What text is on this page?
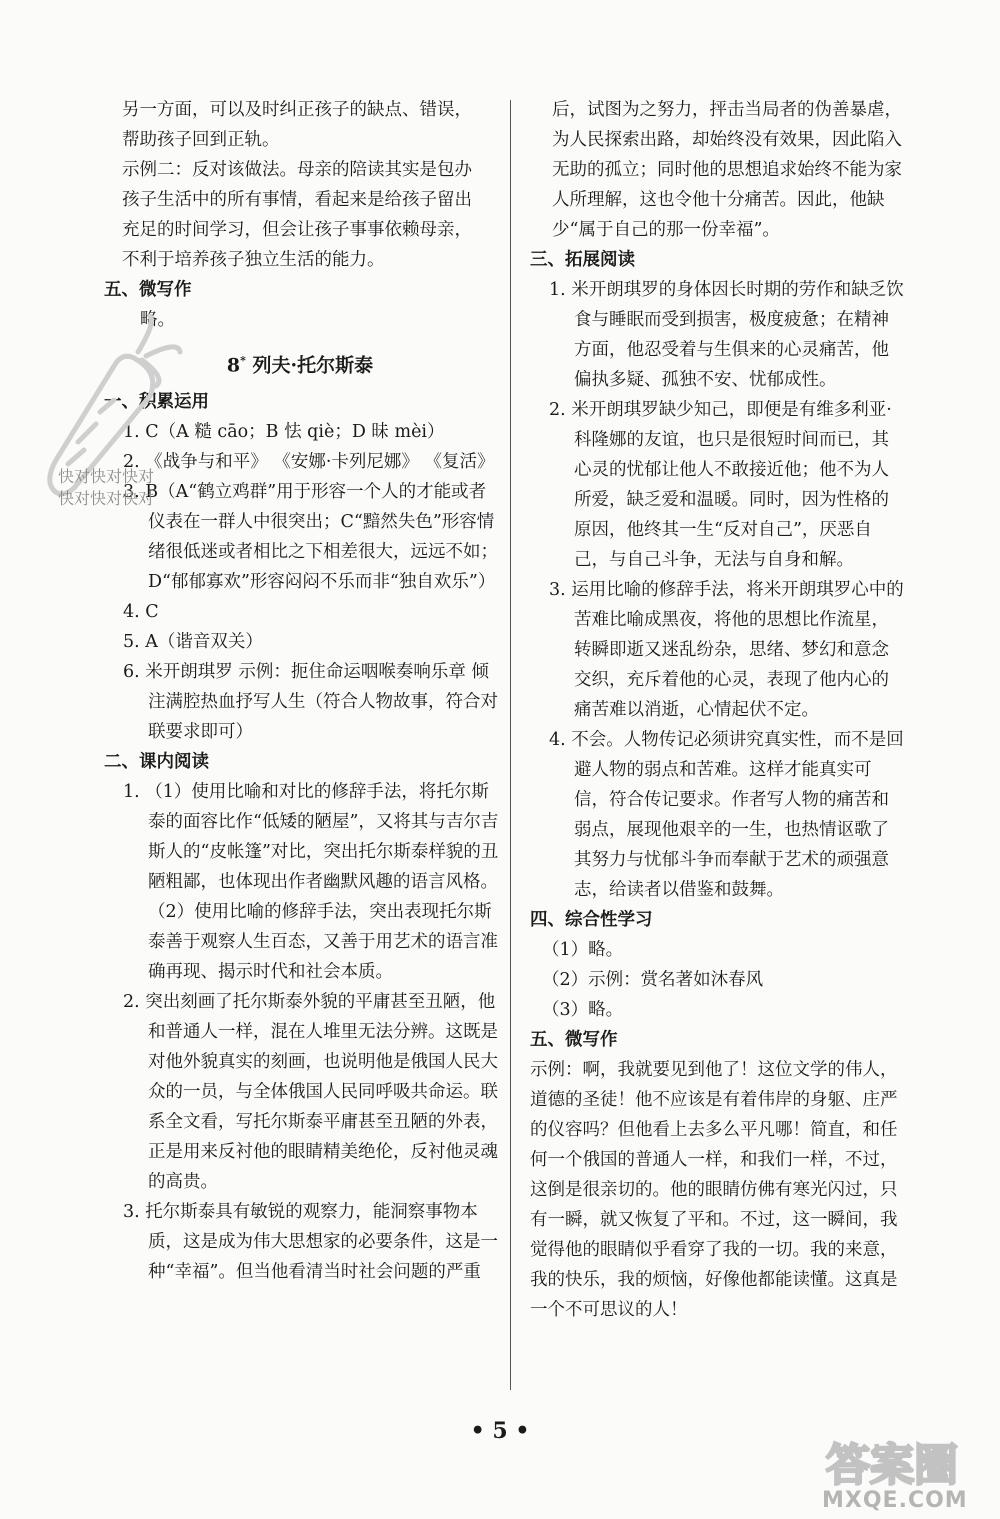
另一方面，可以及时纠正孩子的缺点、错误，

帮助孩子回到正轨。

示例二：反对该做法。母亲的陪读其实是包办

孩子生活中的所有事情，看起来是给孩子留出

充足的时间学习，但会让孩子事事依赖母亲，

不利于培养孩子独立生活的能力。

五、微写作

略。

8* 列夫·托尔斯泰

一、积累运用

1. C（A 糙 cāo；B 怯 qiè；D 昧 mèi）

2. 《战争与和平》 《安娜·卡列尼娜》 《复活》

3. B（A“鹤立鸡群”用于形容一个人的才能或者仪表在一群人中很突出；C“黯然失色”形容情绪很低迷或者相比之下相差很大，远远不如；D“郁郁寡欢”形容闷闷不乐而非“独自欢乐”）

4. C

5. A（谐音双关）

6. 米开朗琪罗 示例：扼住命运咽喉奏响乐章 倾注满腔热血抒写人生（符合人物故事，符合对联要求即可）

二、课内阅读

1. （1）使用比喻和对比的修辞手法，将托尔斯泰的面容比作“低矮的陋屋”，又将其与吉尔吉斯人的“皮帐篷”对比，突出托尔斯泰样貌的丑陋粗鄙，也体现出作者幽默风趣的语言风格。

（2）使用比喻的修辞手法，突出表现托尔斯泰善于观察人生百态，又善于用艺术的语言准确再现、揭示时代和社会本质。

2. 突出刻画了托尔斯泰外貌的平庸甚至丑陋，他和普通人一样，混在人堆里无法分辨。这既是对他外貌真实的刻画，也说明他是俄国人民大众的一员，与全体俄国人民同呼吸共命运。联系全文看，写托尔斯泰平庸甚至丑陋的外表，正是用来反衬他的眼睛精美绝伦，反衬他灵魂的高贵。

3. 托尔斯泰具有敏锐的观察力，能洞察事物本质，这是成为伟大思想家的必要条件，这是一种“幸福”。但当他看清当时社会问题的严重

后，试图为之努力，抨击当局者的伪善暴虐，为人民探索出路，却始终没有效果，因此陷入无助的孤立；同时他的思想追求始终不能为家人所理解，这也令他十分痛苦。因此，他缺少“属于自己的那一份幸福”。

三、拓展阅读

1. 米开朗琪罗的身体因长时期的劳作和缺乏饮食与睡眠而受到损害，极度疲惫；在精神方面，他忍受着与生俱来的心灵痛苦，他偏执多疑、孤独不安、忧郁成性。

2. 米开朗琪罗缺少知己，即便是有维多利亚·科隆娜的友谊，也只是很短时间而已，其心灵的忧郁让他人不敢接近他；他不为人所爱，缺乏爱和温暖。同时，因为性格的原因，他终其一生“反对自己”，厌恶自己，与自己斗争，无法与自身和解。

3. 运用比喻的修辞手法，将米开朗琪罗心中的苦难比喻成黑夜，将他的思想比作流星，转瞬即逝又迷乱纷杂，思绪、梦幻和意念交织，充斥着他的心灵，表现了他内心的痛苦难以消逝，心情起伏不定。

4. 不会。人物传记必须讲究真实性，而不是回避人物的弱点和苦难。这样才能真实可信，符合传记要求。作者写人物的痛苦和弱点，展现他艰辛的一生，也热情讴歌了其努力与忧郁斗争而奉献于艺术的顽强意志，给读者以借鉴和鼓舞。

四、综合性学习

（1）略。

（2）示例：赏名著如沐春风

（3）略。

五、微写作

示例：啊，我就要见到他了！这位文学的伟人，道德的圣徒！他不应该是有着伟岸的身躯、庄严的仪容吗？但他看上去多么平凡哪！简直，和任何一个俄国的普通人一样，和我们一样，不过，这倒是很亲切的。他的眼睛仿佛有寒光闪过，只有一瞬，就又恢复了平和。不过，这一瞬间，我觉得他的眼睛似乎看穿了我的一切。我的来意，我的快乐，我的烦恼，好像他都能读懂。这真是一个不可思议的人！

快对快对快对
快对快对快对
• 5 •
答案圈
MXQE.COM
